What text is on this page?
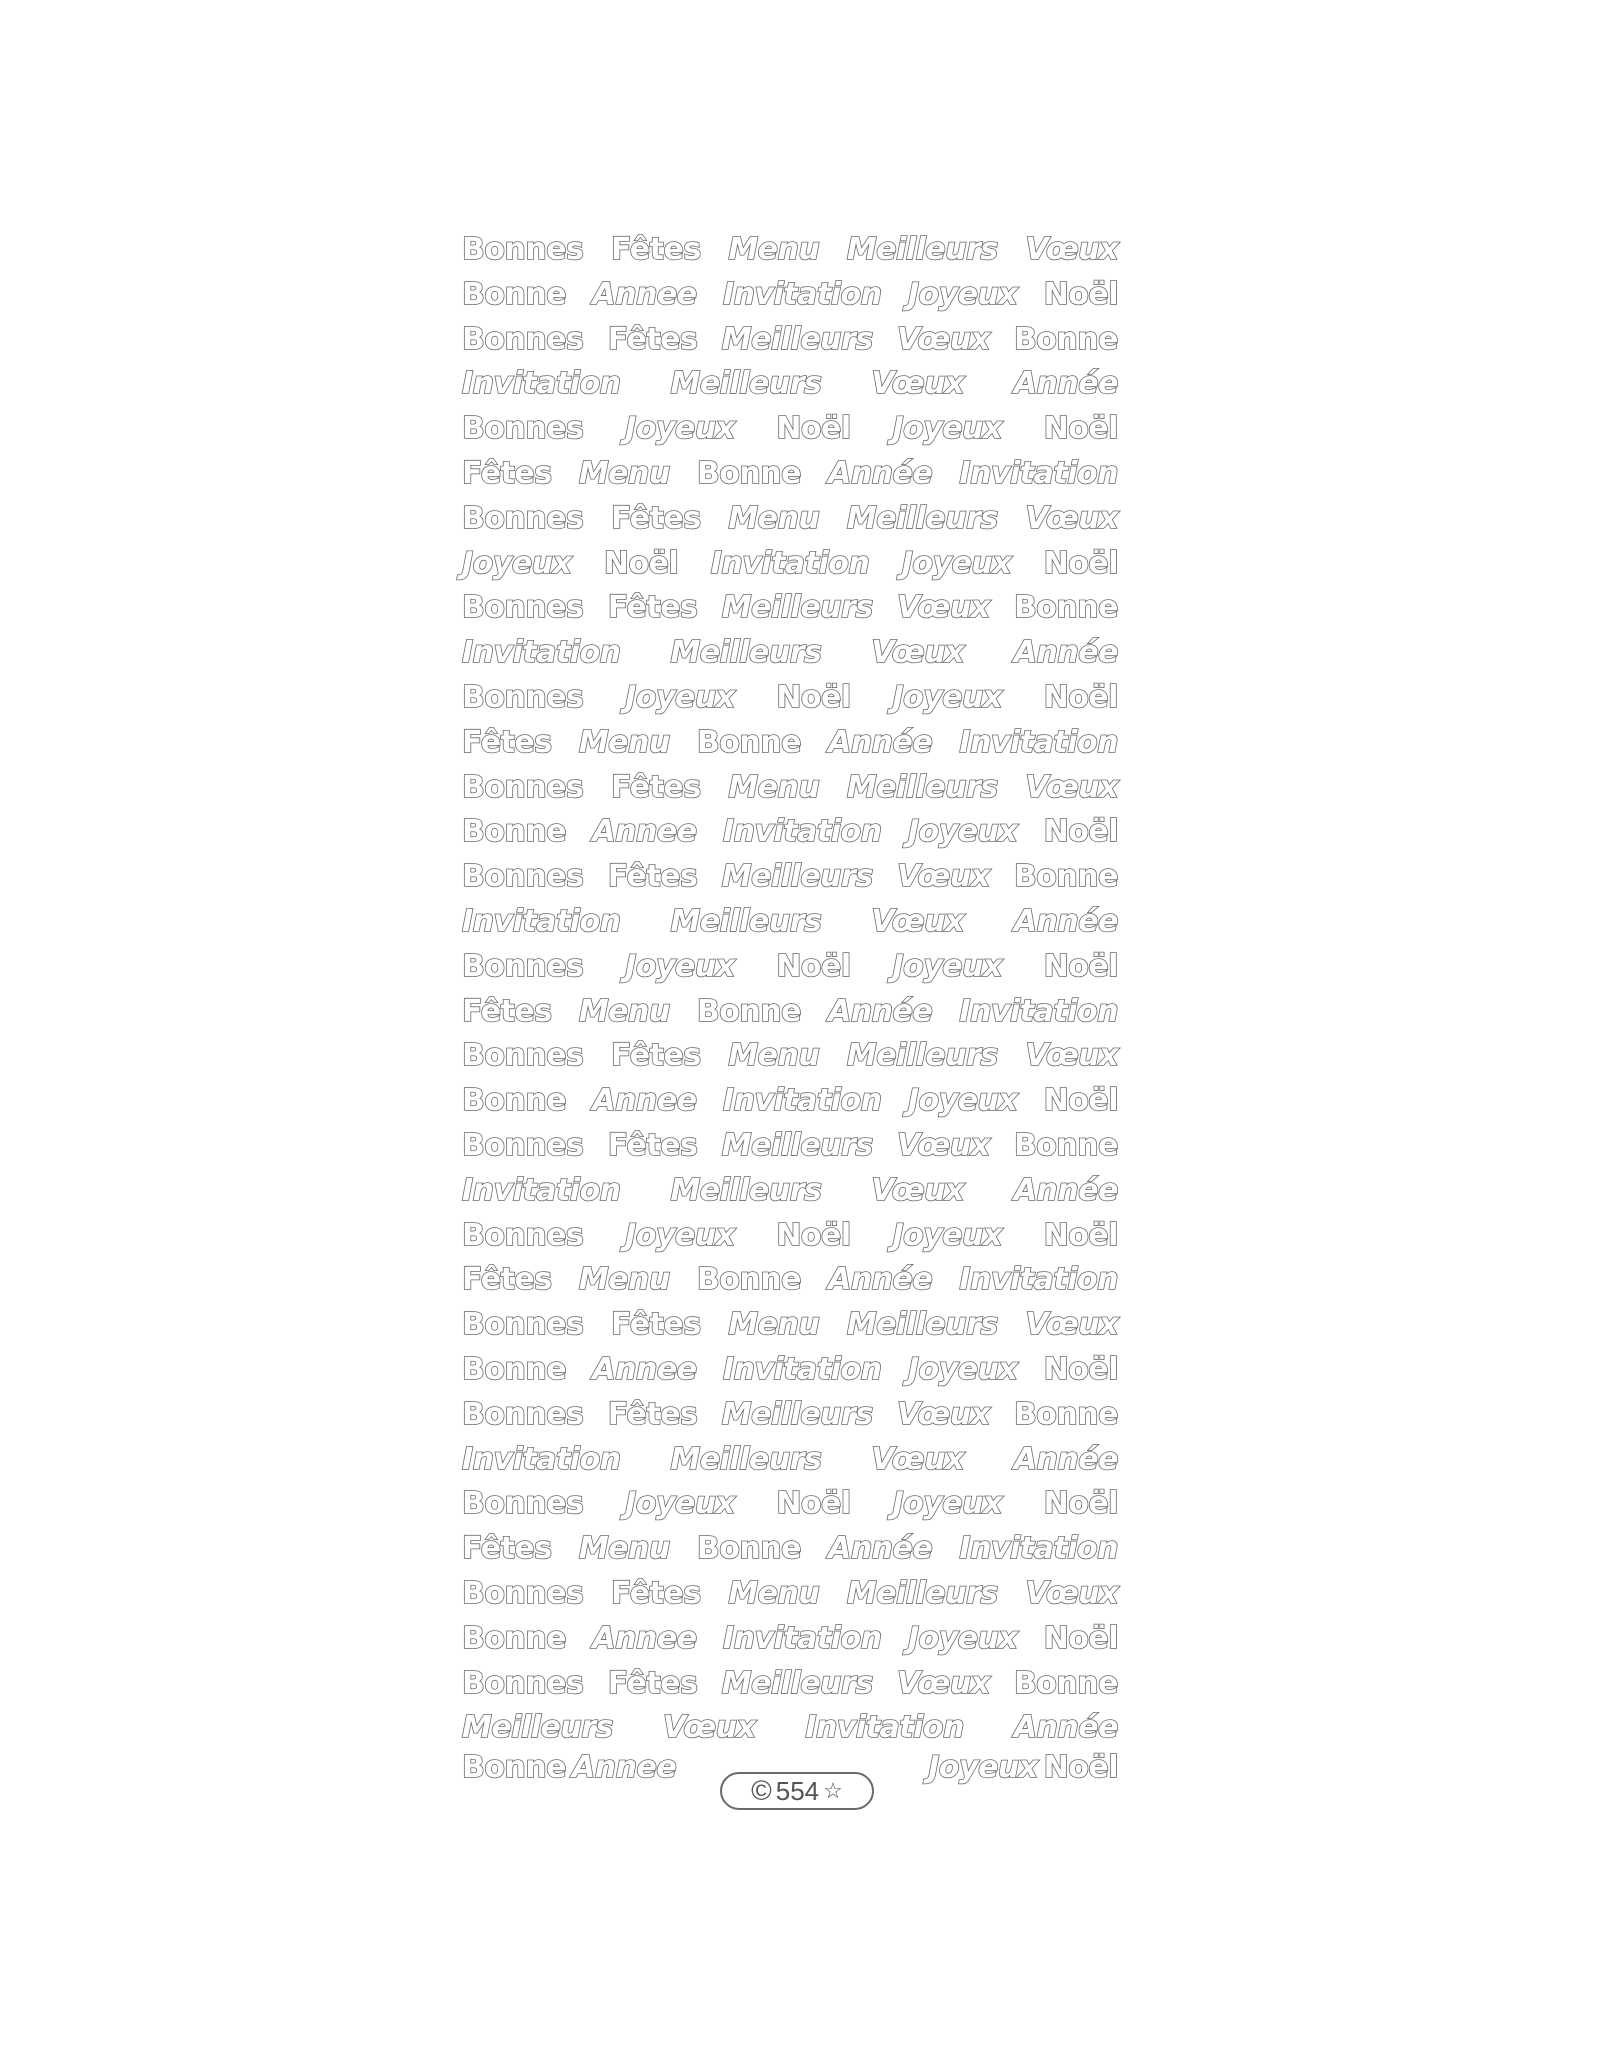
Bonnes Fêtes Menu Meilleurs Vœux
Bonne Annee Invitation Joyeux Noël
Bonnes Fêtes Meilleurs Vœux Bonne
Invitation Meilleurs Vœux Année
Bonnes Joyeux Noël Joyeux Noël
Fêtes Menu Bonne Année Invitation
Bonnes Fêtes Menu Meilleurs Vœux
Joyeux Noël Invitation Joyeux Noël
Bonnes Fêtes Meilleurs Vœux Bonne
Invitation Meilleurs Vœux Année
Bonnes Joyeux Noël Joyeux Noël
Fêtes Menu Bonne Année Invitation
Bonnes Fêtes Menu Meilleurs Vœux
Bonne Annee Invitation Joyeux Noël
Bonnes Fêtes Meilleurs Vœux Bonne
Invitation Meilleurs Vœux Année
Bonnes Joyeux Noël Joyeux Noël
Fêtes Menu Bonne Année Invitation
Bonnes Fêtes Menu Meilleurs Vœux
Bonne Annee Invitation Joyeux Noël
Bonnes Fêtes Meilleurs Vœux Bonne
Invitation Meilleurs Vœux Année
Bonnes Joyeux Noël Joyeux Noël
Fêtes Menu Bonne Année Invitation
Bonnes Fêtes Menu Meilleurs Vœux
Bonne Annee Invitation Joyeux Noël
Bonnes Fêtes Meilleurs Vœux Bonne
Invitation Meilleurs Vœux Année
Bonnes Joyeux Noël Joyeux Noël
Fêtes Menu Bonne Année Invitation
Bonnes Fêtes Menu Meilleurs Vœux
Bonne Annee Invitation Joyeux Noël
Bonnes Fêtes Meilleurs Vœux Bonne
Meilleurs Vœux Invitation Année
Bonne Annee	Joyeux Noël
© 554 ☆
